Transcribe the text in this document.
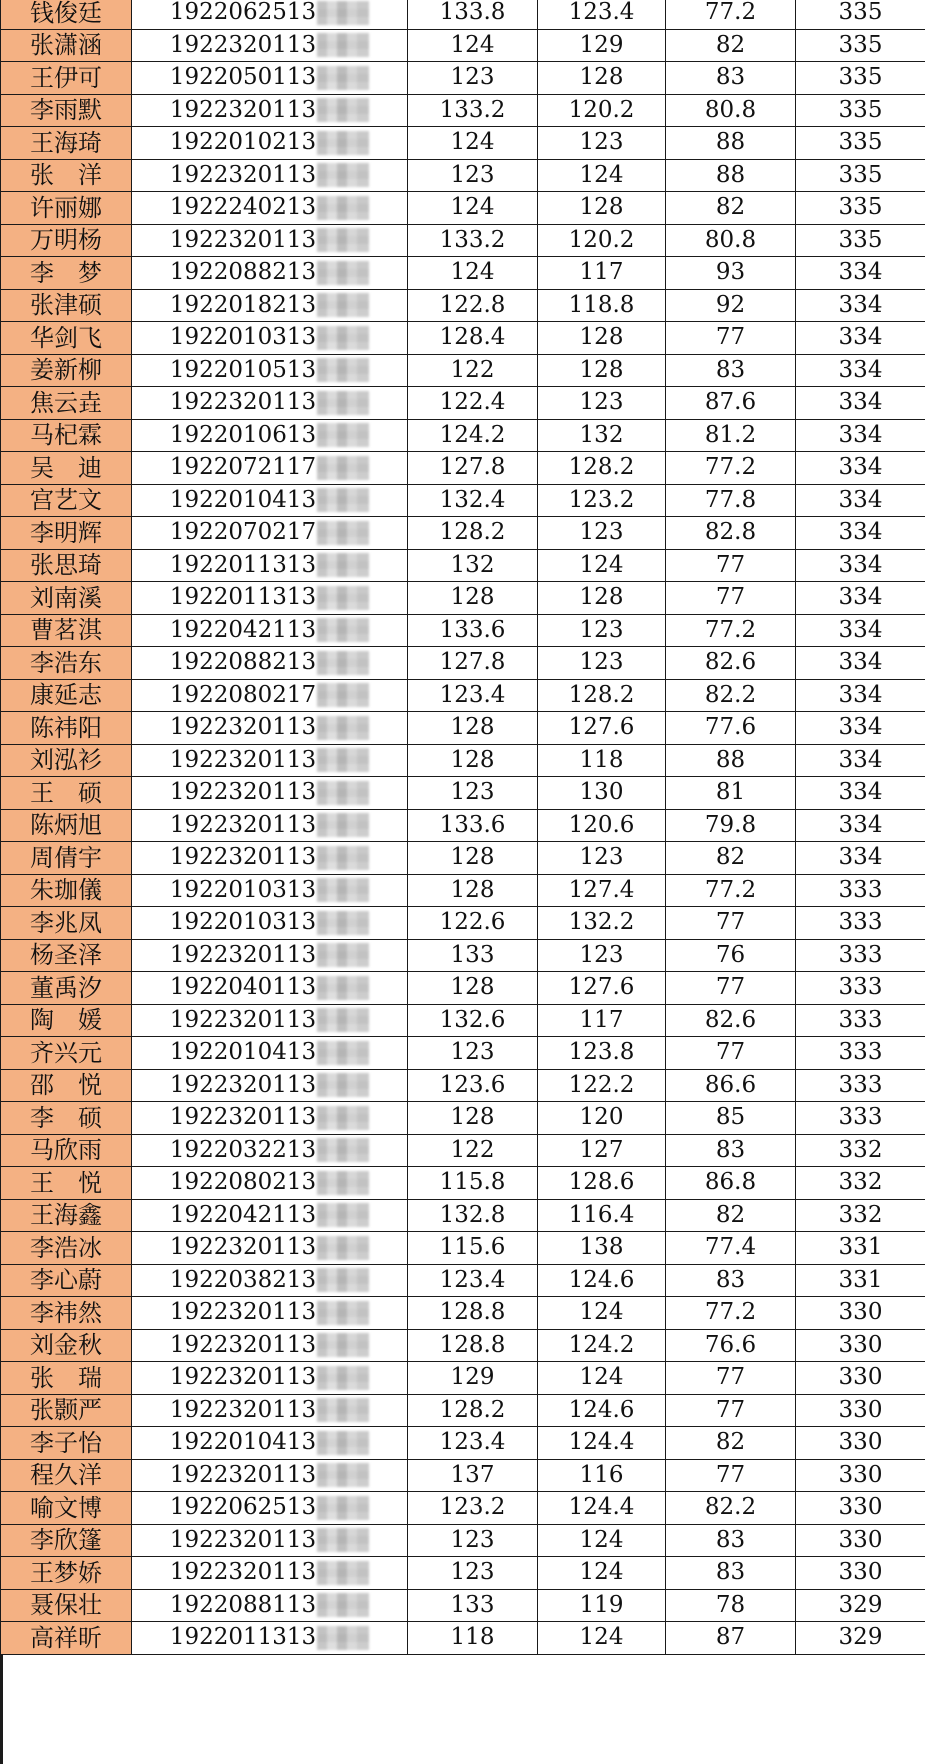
钱俊廷	1922062513	133.8	123.4	77.2	335
张潇涵	1922320113	124	129	82	335
王伊可	1922050113	123	128	83	335
李雨默	1922320113	133.2	120.2	80.8	335
王海琦	1922010213	124	123	88	335
张　洋	1922320113	123	124	88	335
许丽娜	1922240213	124	128	82	335
万明杨	1922320113	133.2	120.2	80.8	335
李　梦	1922088213	124	117	93	334
张津硕	1922018213	122.8	118.8	92	334
华剑飞	1922010313	128.4	128	77	334
姜新柳	1922010513	122	128	83	334
焦云垚	1922320113	122.4	123	87.6	334
马杞霖	1922010613	124.2	132	81.2	334
吴　迪	1922072117	127.8	128.2	77.2	334
宫艺文	1922010413	132.4	123.2	77.8	334
李明辉	1922070217	128.2	123	82.8	334
张思琦	1922011313	132	124	77	334
刘南溪	1922011313	128	128	77	334
曹茗淇	1922042113	133.6	123	77.2	334
李浩东	1922088213	127.8	123	82.6	334
康延志	1922080217	123.4	128.2	82.2	334
陈祎阳	1922320113	128	127.6	77.6	334
刘泓衫	1922320113	128	118	88	334
王　硕	1922320113	123	130	81	334
陈炳旭	1922320113	133.6	120.6	79.8	334
周倩宇	1922320113	128	123	82	334
朱珈儀	1922010313	128	127.4	77.2	333
李兆凤	1922010313	122.6	132.2	77	333
杨圣泽	1922320113	133	123	76	333
董禹汐	1922040113	128	127.6	77	333
陶　媛	1922320113	132.6	117	82.6	333
齐兴元	1922010413	123	123.8	77	333
邵　悦	1922320113	123.6	122.2	86.6	333
李　硕	1922320113	128	120	85	333
马欣雨	1922032213	122	127	83	332
王　悦	1922080213	115.8	128.6	86.8	332
王海鑫	1922042113	132.8	116.4	82	332
李浩冰	1922320113	115.6	138	77.4	331
李心蔚	1922038213	123.4	124.6	83	331
李祎然	1922320113	128.8	124	77.2	330
刘金秋	1922320113	128.8	124.2	76.6	330
张　瑞	1922320113	129	124	77	330
张颢严	1922320113	128.2	124.6	77	330
李子怡	1922010413	123.4	124.4	82	330
程久洋	1922320113	137	116	77	330
喻文博	1922062513	123.2	124.4	82.2	330
李欣篷	1922320113	123	124	83	330
王梦娇	1922320113	123	124	83	330
聂保壮	1922088113	133	119	78	329
高祥昕	1922011313	118	124	87	329
